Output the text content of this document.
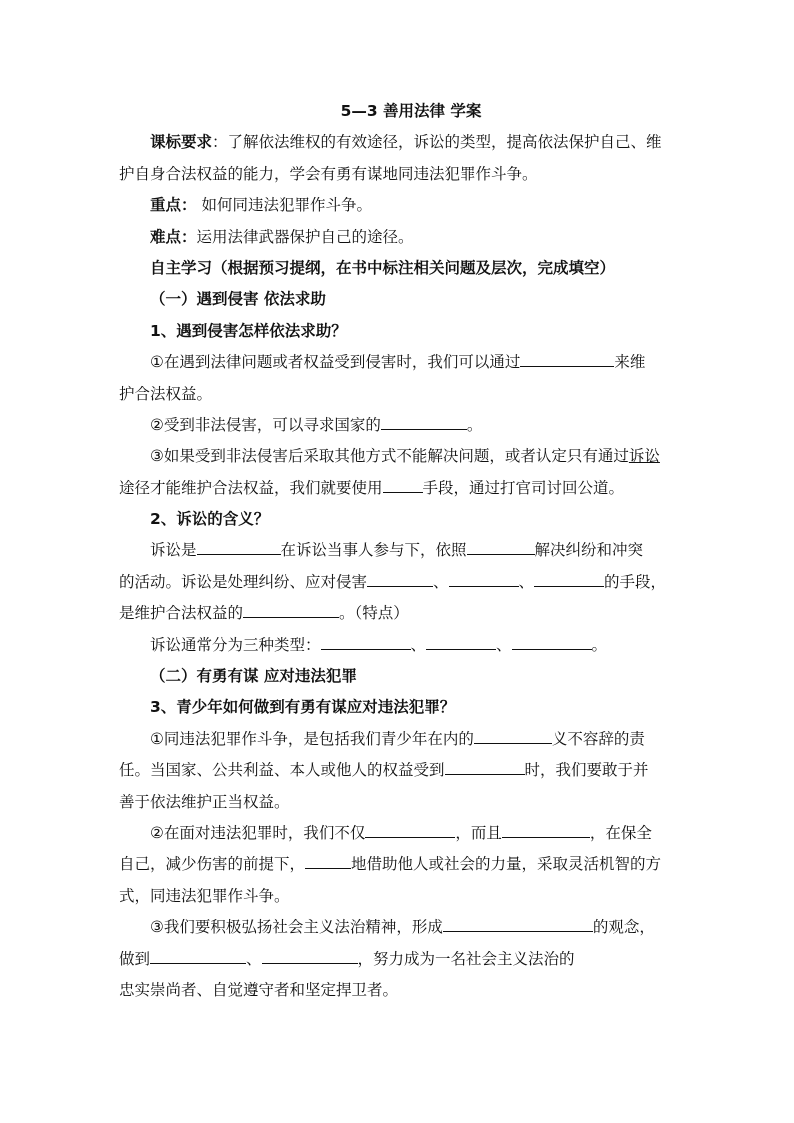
5—3 善用法律 学案
课标要求：了解依法维权的有效途径，诉讼的类型，提高依法保护自己、维
护自身合法权益的能力，学会有勇有谋地同违法犯罪作斗争。
重点： 如何同违法犯罪作斗争。
难点：运用法律武器保护自己的途径。
自主学习（根据预习提纲，在书中标注相关问题及层次，完成填空）
（一）遇到侵害 依法求助
1、遇到侵害怎样依法求助？
①在遇到法律问题或者权益受到侵害时，我们可以通过	来维
护合法权益。
②受到非法侵害，可以寻求国家的	。
③如果受到非法侵害后采取其他方式不能解决问题，或者认定只有通过诉讼
途径才能维护合法权益，我们就要使用	手段，通过打官司讨回公道。
2、诉讼的含义？
诉讼是	在诉讼当事人参与下，依照	解决纠纷和冲突
的活动。诉讼是处理纠纷、应对侵害	、	、	的手段，
是维护合法权益的	。（特点）
诉讼通常分为三种类型：	、	、	。
（二）有勇有谋 应对违法犯罪
3、青少年如何做到有勇有谋应对违法犯罪？
①同违法犯罪作斗争，是包括我们青少年在内的	义不容辞的责
任。当国家、公共利益、本人或他人的权益受到	时，我们要敢于并
善于依法维护正当权益。
②在面对违法犯罪时，我们不仅	，而且	，在保全
自己，减少伤害的前提下，	地借助他人或社会的力量，采取灵活机智的方
式，同违法犯罪作斗争。
③我们要积极弘扬社会主义法治精神，形成	的观念，
做到	、	，努力成为一名社会主义法治的
忠实崇尚者、自觉遵守者和坚定捍卫者。
